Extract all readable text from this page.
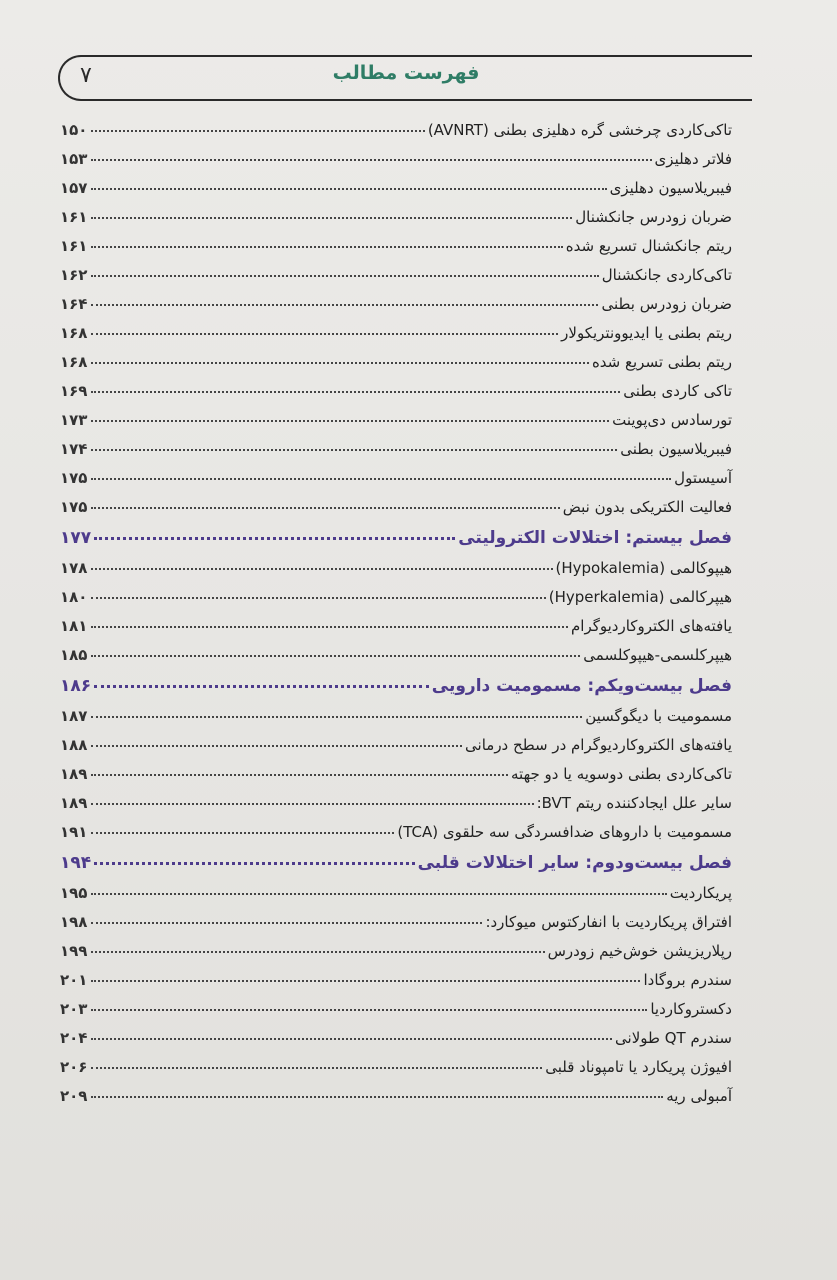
۷	فهرست مطالب
تاکی‌کاردی چرخشی گره دهلیزی بطنی (AVNRT)
۱۵۰
فلاتر دهلیزی
۱۵۳
فیبریلاسیون دهلیزی
۱۵۷
ضربان زودرس جانکشنال
۱۶۱
ریتم جانکشنال تسریع شده
۱۶۱
تاکی‌کاردی جانکشنال
۱۶۲
ضربان زودرس بطنی
۱۶۴
ریتم بطنی یا ایدیوونتریکولار
۱۶۸
ریتم بطنی تسریع شده
۱۶۸
تاکی کاردی بطنی
۱۶۹
تورسادس دی‌پوینت
۱۷۳
فیبریلاسیون بطنی
۱۷۴
آسیستول
۱۷۵
فعالیت الکتریکی بدون نبض
۱۷۵
فصل بیستم: اختلالات الکترولیتی
۱۷۷
هیپوکالمی (Hypokalemia)
۱۷۸
هیپرکالمی (Hyperkalemia)
۱۸۰
یافته‌های الکتروکاردیوگرام
۱۸۱
هیپرکلسمی-هیپوکلسمی
۱۸۵
فصل بیست‌ویکم: مسمومیت دارویی
۱۸۶
مسمومیت با دیگوگسین
۱۸۷
یافته‌های الکتروکاردیوگرام در سطح درمانی
۱۸۸
تاکی‌کاردی بطنی دوسویه یا دو جهته
۱۸۹
سایر علل ایجادکننده ریتم BVT:
۱۸۹
مسمومیت با داروهای ضدافسردگی سه حلقوی (TCA)
۱۹۱
فصل بیست‌ودوم: سایر اختلالات قلبی
۱۹۴
پریکاردیت
۱۹۵
افتراق پریکاردیت با انفارکتوس میوکارد:
۱۹۸
رپلاریزیشن خوش‌خیم زودرس
۱۹۹
سندرم بروگادا
۲۰۱
دکستروکاردیا
۲۰۳
سندرم QT طولانی
۲۰۴
افیوژن پریکارد یا تامپوناد قلبی
۲۰۶
آمبولی ریه
۲۰۹
